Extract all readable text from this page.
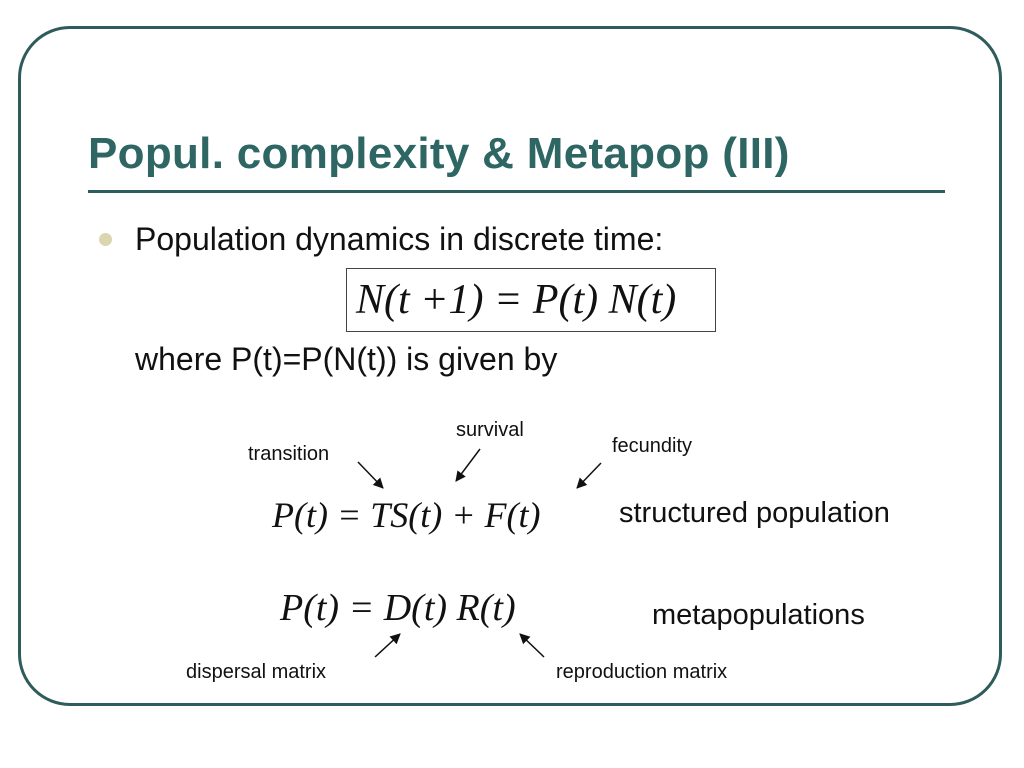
Popul. complexity & Metapop (III)

Population dynamics in discrete time:

N(t +1) = P(t) N(t)

where P(t)=P(N(t)) is given by

transition

survival

fecundity

P(t) = TS(t) + F(t)	structured population

P(t) = D(t) R(t)	metapopulations

dispersal matrix	reproduction matrix
